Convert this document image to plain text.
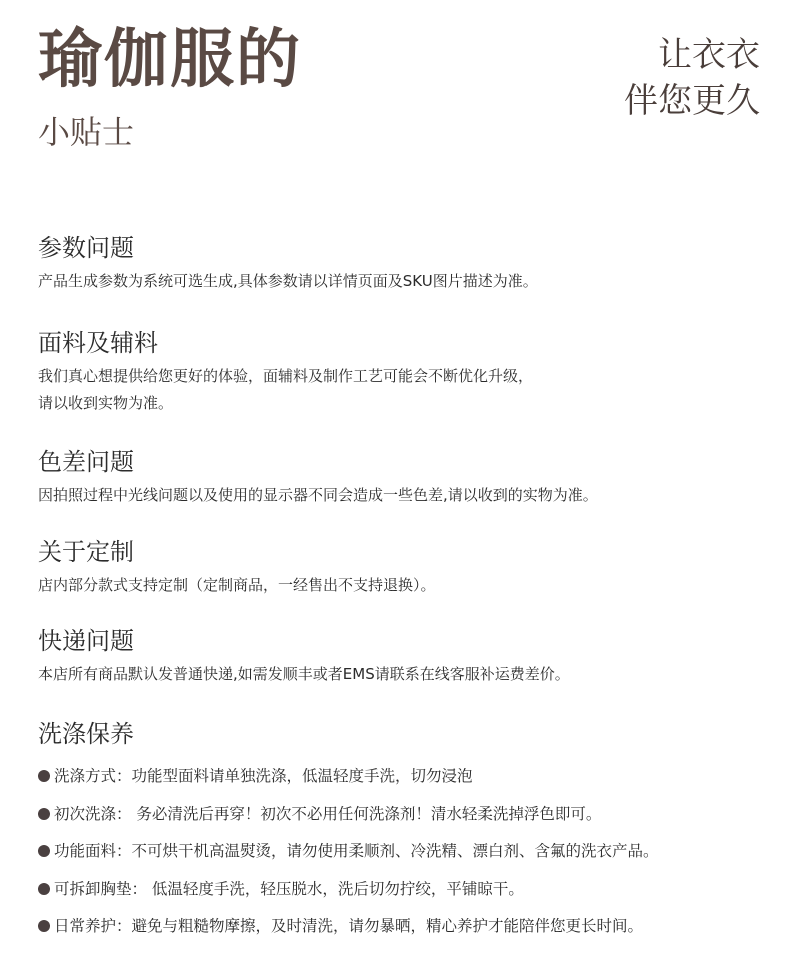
瑜伽服的
小贴士
让衣衣
伴您更久
参数问题

产品生成参数为系统可选生成,具体参数请以详情页面及SKU图片描述为准。

面料及辅料

我们真心想提供给您更好的体验，面辅料及制作工艺可能会不断优化升级，
请以收到实物为准。

色差问题

因拍照过程中光线问题以及使用的显示器不同会造成一些色差,请以收到的实物为准。

关于定制

店内部分款式支持定制（定制商品，一经售出不支持退换）。

快递问题

本店所有商品默认发普通快递,如需发顺丰或者EMS请联系在线客服补运费差价。

洗涤保养
洗涤方式：功能型面料请单独洗涤，低温轻度手洗，切勿浸泡
初次洗涤： 务必清洗后再穿！初次不必用任何洗涤剂！清水轻柔洗掉浮色即可。
功能面料：不可烘干机高温熨烫，请勿使用柔顺剂、冷洗精、漂白剂、含氟的洗衣产品。
可拆卸胸垫： 低温轻度手洗，轻压脱水，洗后切勿拧绞，平铺晾干。
日常养护：避免与粗糙物摩擦，及时清洗，请勿暴晒，精心养护才能陪伴您更长时间。
